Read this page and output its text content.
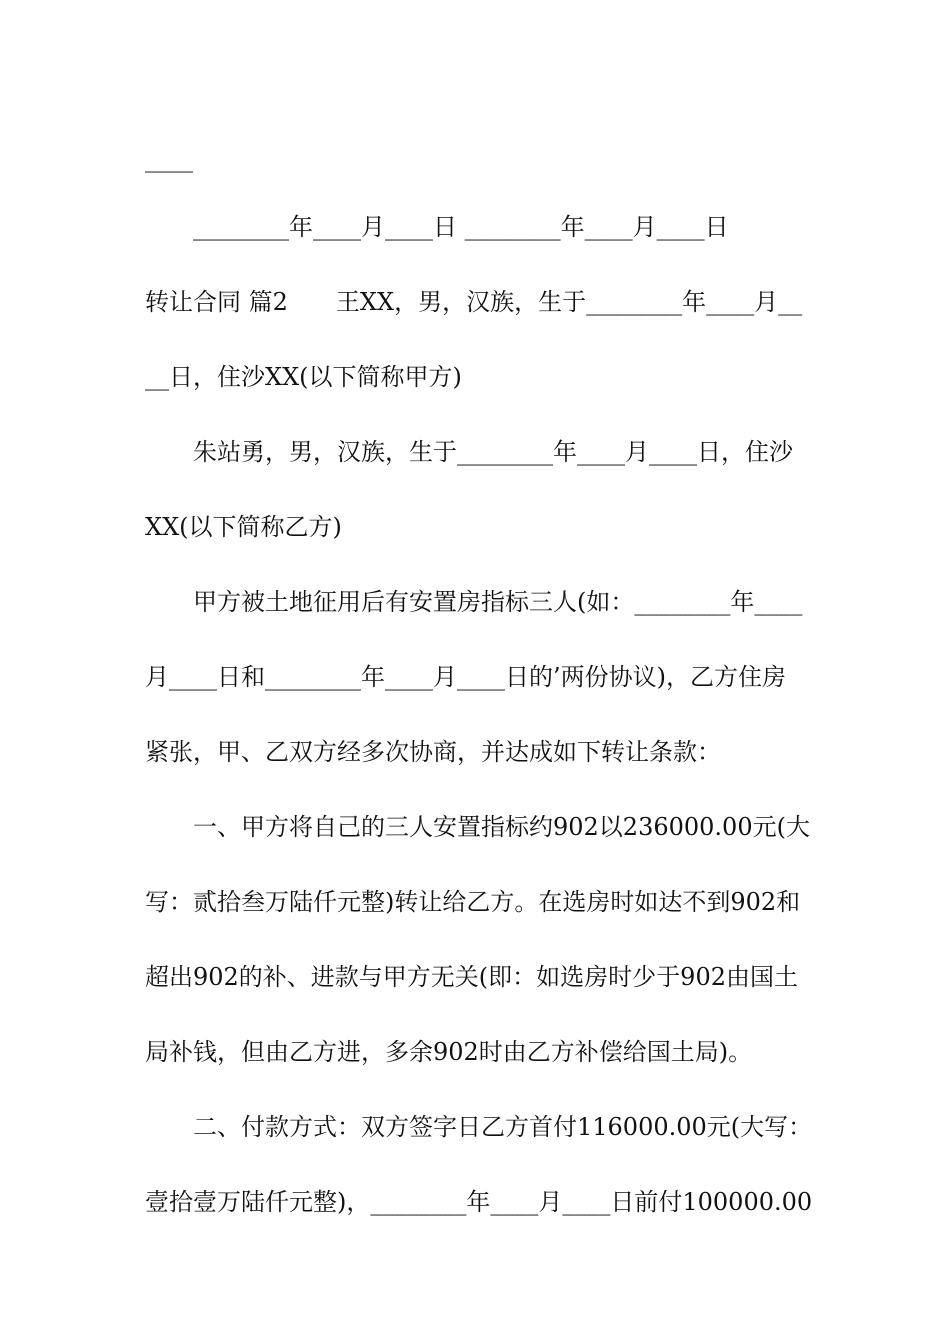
____
________年____月____日 ________年____月____日
转让合同 篇2　　王XX，男，汉族，生于________年____月__
__日，住沙XX(以下简称甲方)
朱站勇，男，汉族，生于________年____月____日，住沙
XX(以下简称乙方)
甲方被土地征用后有安置房指标三人(如：________年____
月____日和________年____月____日的’两份协议)，乙方住房
紧张，甲、乙双方经多次协商，并达成如下转让条款：
一、甲方将自己的三人安置指标约902以236000.00元(大
写：贰拾叁万陆仟元整)转让给乙方。在选房时如达不到902和
超出902的补、进款与甲方无关(即：如选房时少于902由国土
局补钱，但由乙方进，多余902时由乙方补偿给国土局)。
二、付款方式：双方签字日乙方首付116000.00元(大写：
壹拾壹万陆仟元整)，________年____月____日前付100000.00
